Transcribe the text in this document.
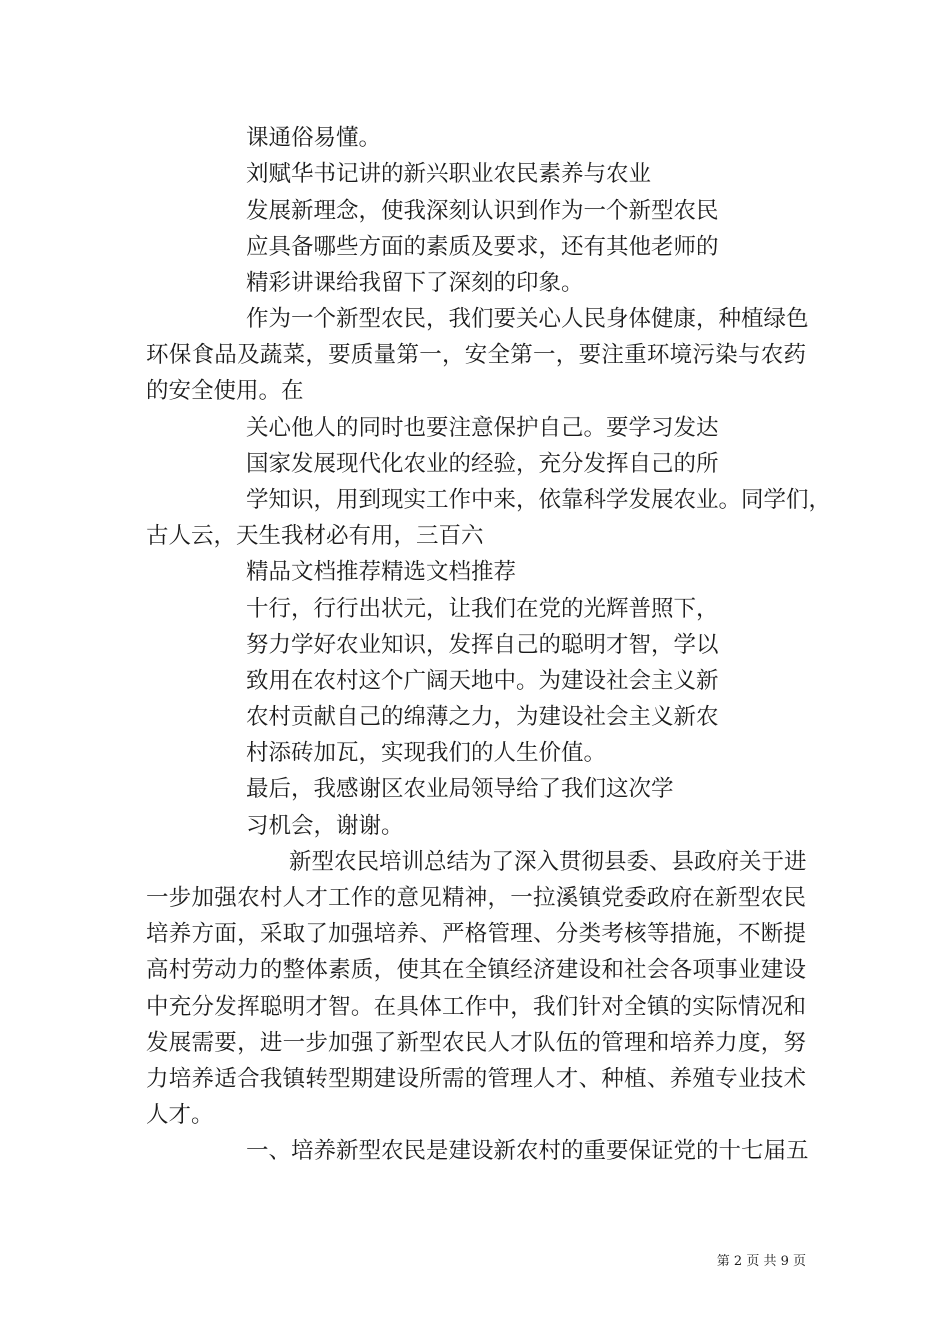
课通俗易懂。

刘赋华书记讲的新兴职业农民素养与农业

发展新理念，使我深刻认识到作为一个新型农民

应具备哪些方面的素质及要求，还有其他老师的

精彩讲课给我留下了深刻的印象。

作为一个新型农民，我们要关心人民身体健康，种植绿色

环保食品及蔬菜，要质量第一，安全第一，要注重环境污染与农药

的安全使用。在

关心他人的同时也要注意保护自己。要学习发达

国家发展现代化农业的经验，充分发挥自己的所

学知识，用到现实工作中来，依靠科学发展农业。同学们，

古人云，天生我材必有用，三百六

精品文档推荐精选文档推荐

十行，行行出状元，让我们在党的光辉普照下，

努力学好农业知识，发挥自己的聪明才智，学以

致用在农村这个广阔天地中。为建设社会主义新

农村贡献自己的绵薄之力，为建设社会主义新农

村添砖加瓦，实现我们的人生价值。

最后，我感谢区农业局领导给了我们这次学

习机会，谢谢。

新型农民培训总结为了深入贯彻县委、县政府关于进

一步加强农村人才工作的意见精神，一拉溪镇党委政府在新型农民

培养方面，采取了加强培养、严格管理、分类考核等措施，不断提

高村劳动力的整体素质，使其在全镇经济建设和社会各项事业建设

中充分发挥聪明才智。在具体工作中，我们针对全镇的实际情况和

发展需要，进一步加强了新型农民人才队伍的管理和培养力度，努

力培养适合我镇转型期建设所需的管理人才、种植、养殖专业技术

人才。

一、培养新型农民是建设新农村的重要保证党的十七届五

第 2 页 共 9 页
